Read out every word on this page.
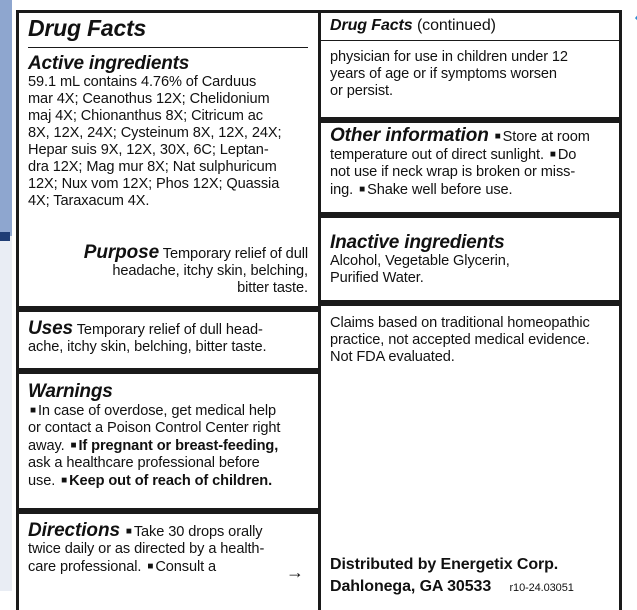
Drug Facts
Active ingredients
59.1 mL contains 4.76% of Carduus
mar 4X; Ceanothus 12X; Chelidonium
maj 4X; Chionanthus 8X; Citricum ac
8X, 12X, 24X; Cysteinum 8X, 12X, 24X;
Hepar suis 9X, 12X, 30X, 6C; Leptan-
dra 12X; Mag mur 8X; Nat sulphuricum
12X; Nux vom 12X; Phos 12X; Quassia
4X; Taraxacum 4X.
Purpose Temporary relief of dull
headache, itchy skin, belching,
bitter taste.
Uses Temporary relief of dull head-
ache, itchy skin, belching, bitter taste.
Warnings
■ In case of overdose, get medical help
or contact a Poison Control Center right
away. ■ If pregnant or breast-feeding,
ask a healthcare professional before
use. ■ Keep out of reach of children.
Directions ■ Take 30 drops orally
twice daily or as directed by a health-
care professional. ■ Consult a	→
Drug Facts (continued)
physician for use in children under 12
years of age or if symptoms worsen
or persist.
Other information ■ Store at room
temperature out of direct sunlight. ■ Do
not use if neck wrap is broken or miss-
ing. ■ Shake well before use.
Inactive ingredients
Alcohol, Vegetable Glycerin,
Purified Water.
Claims based on traditional homeopathic
practice, not accepted medical evidence.
Not FDA evaluated.
Distributed by Energetix Corp.
Dahlonega, GA 30533 r10-24.03051
